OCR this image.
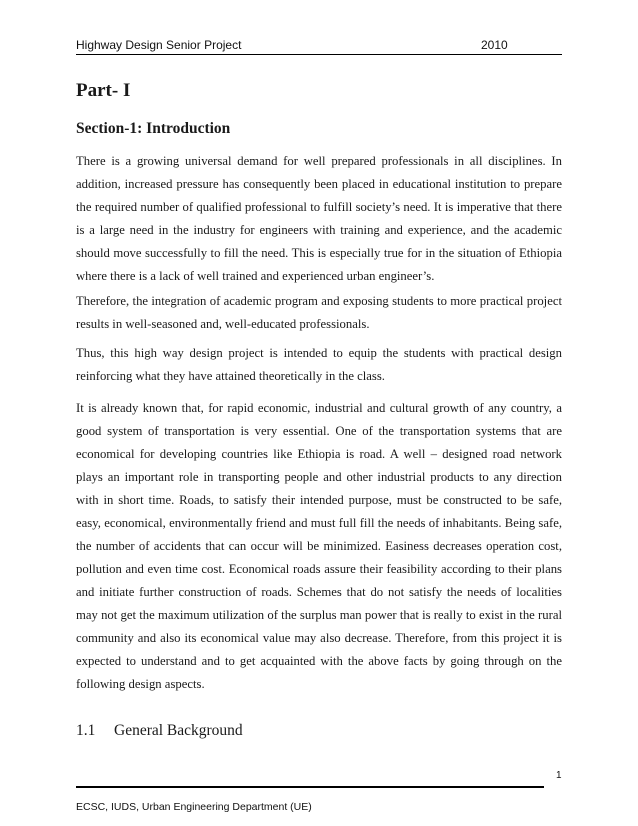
Highway Design Senior Project	2010
Part- I
Section-1: Introduction

There is a growing universal demand for well prepared professionals in all disciplines. In addition, increased pressure has consequently been placed in educational institution to prepare the required number of qualified professional to fulfill society’s need. It is imperative that there is a large need in the industry for engineers with training and experience, and the academic should move successfully to fill the need. This is especially true for in the situation of Ethiopia where there is a lack of well trained and experienced urban engineer’s.

Therefore, the integration of academic program and exposing students to more practical project results in well-seasoned and, well-educated professionals.

Thus, this high way design project is intended to equip the students with practical design reinforcing what they have attained theoretically in the class.

It is already known that, for rapid economic, industrial and cultural growth of any country, a good system of transportation is very essential. One of the transportation systems that are economical for developing countries like Ethiopia is road. A well – designed road network plays an important role in transporting people and other industrial products to any direction with in short time. Roads, to satisfy their intended purpose, must be constructed to be safe, easy, economical, environmentally friend and must full fill the needs of inhabitants. Being safe, the number of accidents that can occur will be minimized. Easiness decreases operation cost, pollution and even time cost. Economical roads assure their feasibility according to their plans and initiate further construction of roads. Schemes that do not satisfy the needs of localities may not get the maximum utilization of the surplus man power that is really to exist in the rural community and also its economical value may also decrease. Therefore, from this project it is expected to understand and to get acquainted with the above facts by going through on the following design aspects.

1.1 General Background
1
ECSC, IUDS, Urban Engineering Department (UE)
